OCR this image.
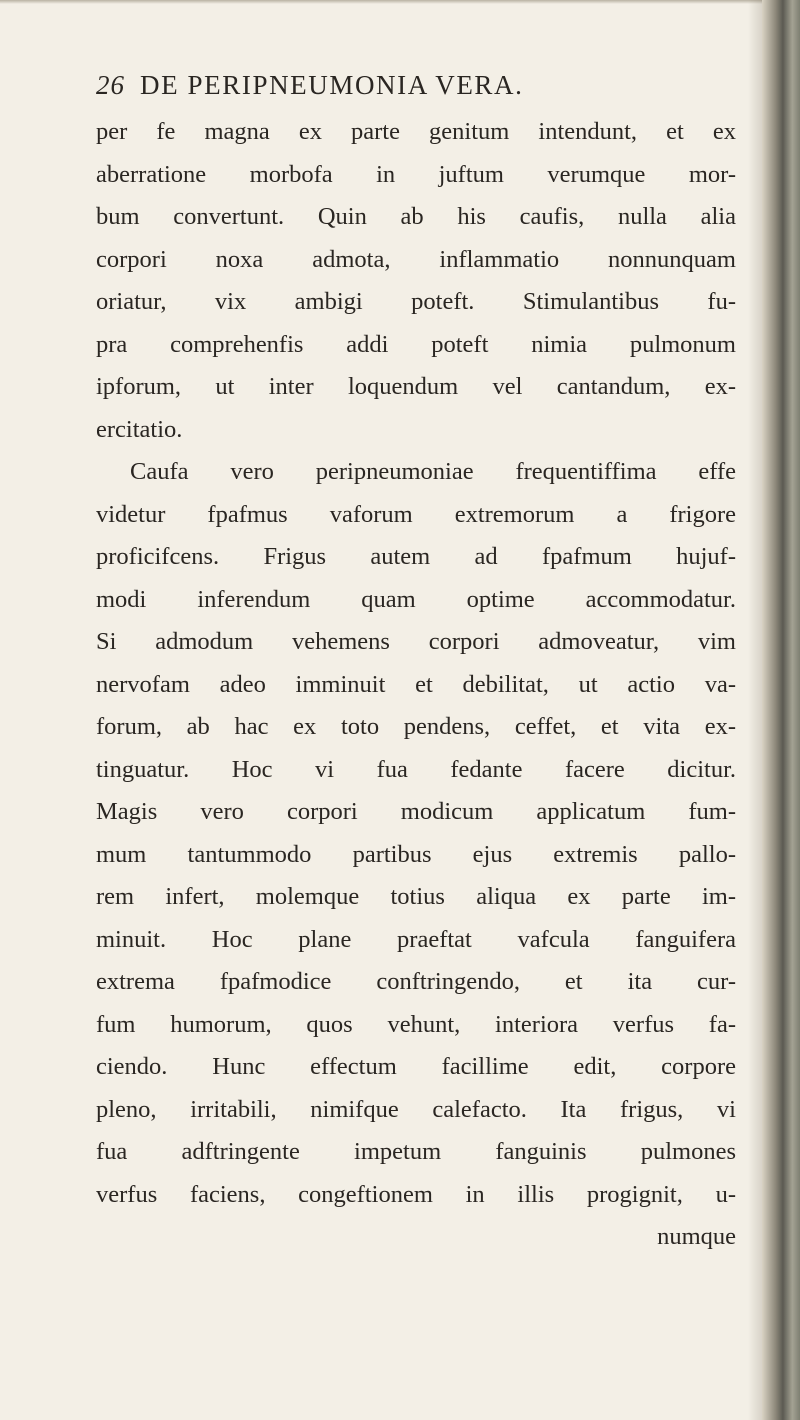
26 DE PERIPNEUMONIA VERA.
per fe magna ex parte genitum intendunt, et ex
aberratione morbofa in juftum verumque mor-
bum convertunt. Quin ab his caufis, nulla alia
corpori noxa admota, inflammatio nonnunquam
oriatur, vix ambigi poteft. Stimulantibus fu-
pra comprehenfis addi poteft nimia pulmonum
ipforum, ut inter loquendum vel cantandum, ex-
ercitatio.
Caufa vero peripneumoniae frequentiffima effe
videtur fpafmus vaforum extremorum a frigore
proficifcens. Frigus autem ad fpafmum hujuf-
modi inferendum quam optime accommodatur.
Si admodum vehemens corpori admoveatur, vim
nervofam adeo imminuit et debilitat, ut actio va-
forum, ab hac ex toto pendens, ceffet, et vita ex-
tinguatur. Hoc vi fua fedante facere dicitur.
Magis vero corpori modicum applicatum fum-
mum tantummodo partibus ejus extremis pallo-
rem infert, molemque totius aliqua ex parte im-
minuit. Hoc plane praeftat vafcula fanguifera
extrema fpafmodice conftringendo, et ita cur-
fum humorum, quos vehunt, interiora verfus fa-
ciendo. Hunc effectum facillime edit, corpore
pleno, irritabili, nimifque calefacto. Ita frigus, vi
fua adftringente impetum fanguinis pulmones
verfus faciens, congeftionem in illis progignit, u-
numque
